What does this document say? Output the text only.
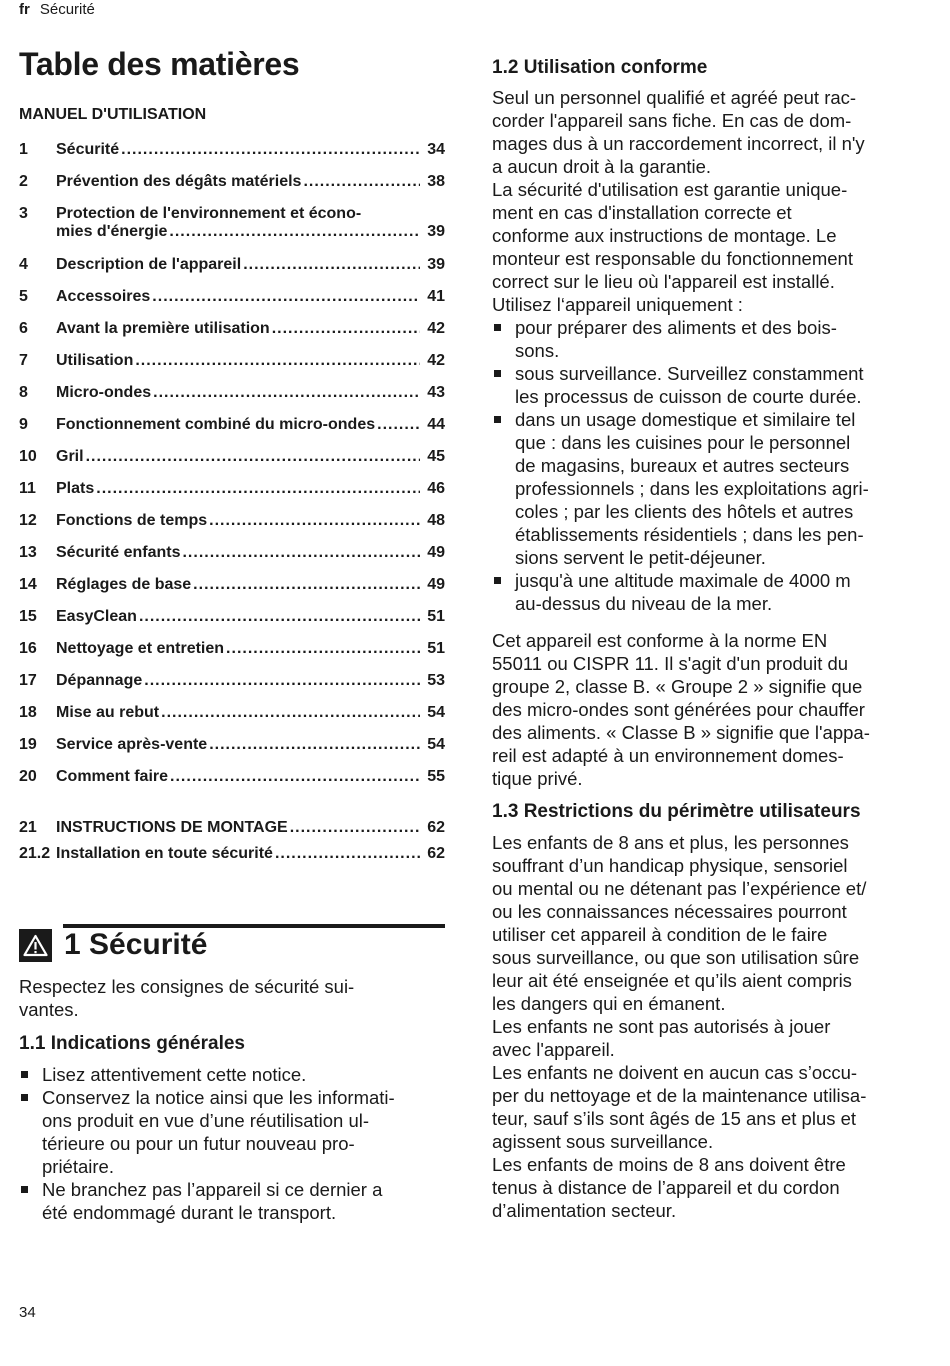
fr Sécurité
Table des matières
MANUEL D'UTILISATION
1 Sécurité .....	34
2 Prévention des dégâts matériels .....	38
3 Protection de l'environnement et écono-
mies d'énergie .....	39
4 Description de l'appareil .....	39
5 Accessoires .....	41
6 Avant la première utilisation .....	42
7 Utilisation .....	42
8 Micro-ondes .....	43
9 Fonctionnement combiné du micro-ondes .....	44
10 Gril .....	45
11 Plats .....	46
12 Fonctions de temps .....	48
13 Sécurité enfants .....	49
14 Réglages de base .....	49
15 EasyClean .....	51
16 Nettoyage et entretien .....	51
17 Dépannage .....	53
18 Mise au rebut .....	54
19 Service après-vente .....	54
20 Comment faire .....	55
21 INSTRUCTIONS DE MONTAGE .....	62
21.2 Installation en toute sécurité .....	62
1 Sécurité
Respectez les consignes de sécurité sui-
vantes.
1.1 Indications générales
Lisez attentivement cette notice.
Conservez la notice ainsi que les informati-
ons produit en vue d’une réutilisation ul-
térieure ou pour un futur nouveau pro-
priétaire.
Ne branchez pas l’appareil si ce dernier a
été endommagé durant le transport.
1.2 Utilisation conforme
Seul un personnel qualifié et agréé peut rac-
corder l'appareil sans fiche. En cas de dom-
mages dus à un raccordement incorrect, il n'y
a aucun droit à la garantie.
La sécurité d'utilisation est garantie unique-
ment en cas d'installation correcte et
conforme aux instructions de montage. Le
monteur est responsable du fonctionnement
correct sur le lieu où l'appareil est installé.
Utilisez l‘appareil uniquement :
pour préparer des aliments et des bois-
sons.
sous surveillance. Surveillez constamment
les processus de cuisson de courte durée.
dans un usage domestique et similaire tel
que : dans les cuisines pour le personnel
de magasins, bureaux et autres secteurs
professionnels ; dans les exploitations agri-
coles ; par les clients des hôtels et autres
établissements résidentiels ; dans les pen-
sions servent le petit-déjeuner.
jusqu'à une altitude maximale de 4000 m
au-dessus du niveau de la mer.
Cet appareil est conforme à la norme EN
55011 ou CISPR 11. Il s'agit d'un produit du
groupe 2, classe B. « Groupe 2 » signifie que
des micro-ondes sont générées pour chauffer
des aliments. « Classe B » signifie que l'appa-
reil est adapté à un environnement domes-
tique privé.
1.3 Restrictions du périmètre utilisateurs
Les enfants de 8 ans et plus, les personnes
souffrant d’un handicap physique, sensoriel
ou mental ou ne détenant pas l’expérience et/
ou les connaissances nécessaires pourront
utiliser cet appareil à condition de le faire
sous surveillance, ou que son utilisation sûre
leur ait été enseignée et qu’ils aient compris
les dangers qui en émanent.
Les enfants ne sont pas autorisés à jouer
avec l'appareil.
Les enfants ne doivent en aucun cas s’occu-
per du nettoyage et de la maintenance utilisa-
teur, sauf s’ils sont âgés de 15 ans et plus et
agissent sous surveillance.
Les enfants de moins de 8 ans doivent être
tenus à distance de l’appareil et du cordon
d’alimentation secteur.
34
